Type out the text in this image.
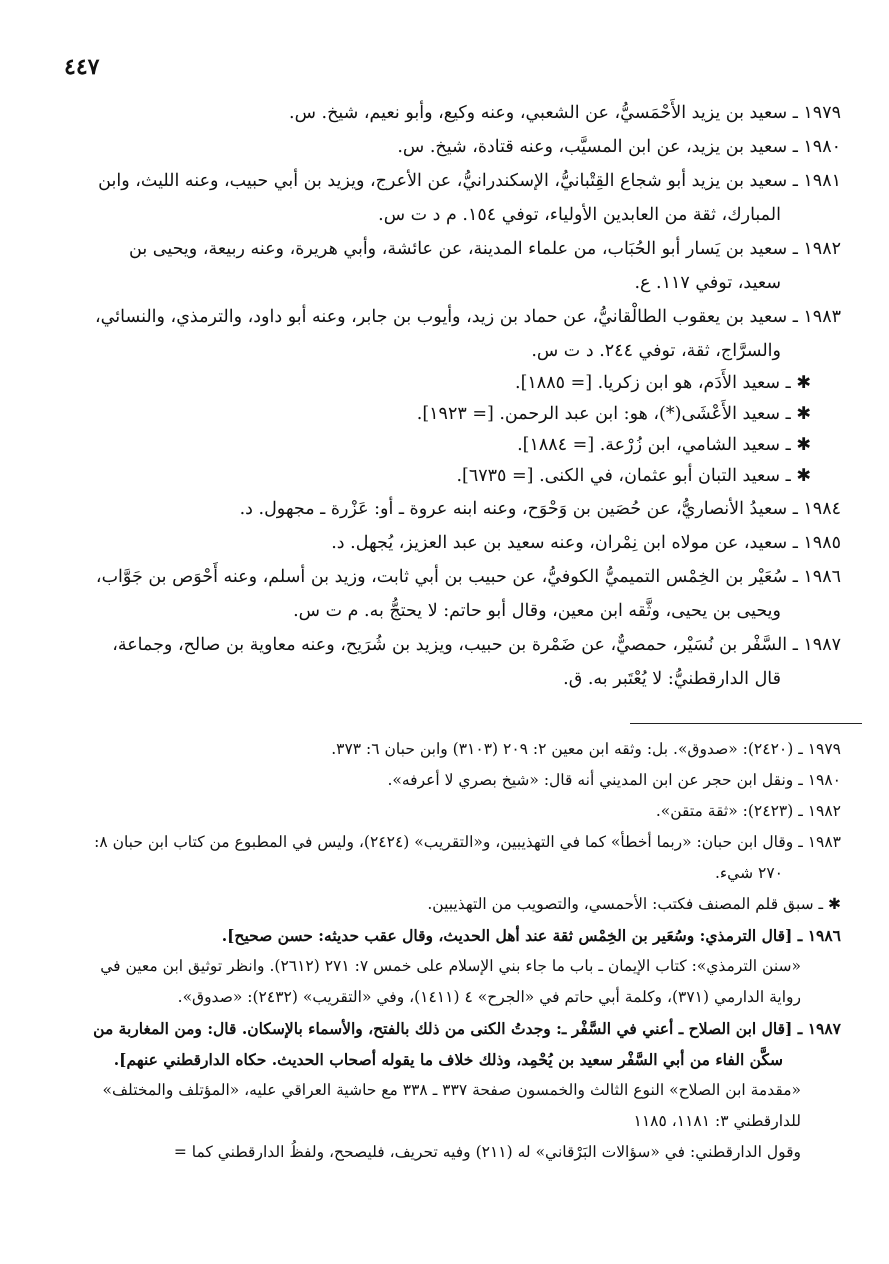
٤٤٧

١٩٧٩ ـ سعيد بن يزيد الأَحْمَسيُّ، عن الشعبي، وعنه وكيع، وأبو نعيم، شيخ. س.

١٩٨٠ ـ سعيد بن يزيد، عن ابن المسيَّب، وعنه قتادة، شيخ. س.

١٩٨١ ـ سعيد بن يزيد أبو شجاع القِتْبانيُّ، الإسكندرانيُّ، عن الأعرج، ويزيد بن أبي حبيب، وعنه الليث، وابن المبارك، ثقة من العابدين الأولياء، توفي ١٥٤. م د ت س.

١٩٨٢ ـ سعيد بن يَسار أبو الحُبَاب، من علماء المدينة، عن عائشة، وأبي هريرة، وعنه ربيعة، ويحيى بن سعيد، توفي ١١٧. ع.

١٩٨٣ ـ سعيد بن يعقوب الطالْقانيُّ، عن حماد بن زيد، وأيوب بن جابر، وعنه أبو داود، والترمذي، والنسائي، والسرَّاج، ثقة، توفي ٢٤٤. د ت س.

✱ ـ سعيد الأَدَم، هو ابن زكريا. [= ١٨٨٥].

✱ ـ سعيد الأَعْشَى(*)، هو: ابن عبد الرحمن. [= ١٩٢٣].

✱ ـ سعيد الشامي، ابن زُرْعة. [= ١٨٨٤].

✱ ـ سعيد التبان أبو عثمان، في الكنى. [= ٦٧٣٥].

١٩٨٤ ـ سعيدُ الأنصاريُّ، عن حُصَين بن وَحْوَح، وعنه ابنه عروة ـ أو: عَزْرة ـ مجهول. د.

١٩٨٥ ـ سعيد، عن مولاه ابن نِمْران، وعنه سعيد بن عبد العزيز، يُجهل. د.

١٩٨٦ ـ سُعَيْر بن الخِمْس التميميُّ الكوفيُّ، عن حبيب بن أبي ثابت، وزيد بن أسلم، وعنه أَحْوَص بن جَوَّاب، ويحيى بن يحيى، وثَّقه ابن معين، وقال أبو حاتم: لا يحتجُّ به. م ت س.

١٩٨٧ ـ السَّفْر بن نُسَيْر، حمصيٌّ، عن ضَمْرة بن حبيب، ويزيد بن شُرَيح، وعنه معاوية بن صالح، وجماعة، قال الدارقطنيُّ: لا يُعْتَبر به. ق.

١٩٧٩ ـ (٢٤٢٠): «صدوق». بل: وثقه ابن معين ٢: ٢٠٩ (٣١٠٣) وابن حبان ٦: ٣٧٣.

١٩٨٠ ـ ونقل ابن حجر عن ابن المديني أنه قال: «شيخ بصري لا أعرفه».

١٩٨٢ ـ (٢٤٢٣): «ثقة متقن».

١٩٨٣ ـ وقال ابن حبان: «ربما أخطأ» كما في التهذيبين، و«التقريب» (٢٤٢٤)، وليس في المطبوع من كتاب ابن حبان ٨: ٢٧٠ شيء.

✱ ـ سبق قلم المصنف فكتب: الأحمسي، والتصويب من التهذيبين.

١٩٨٦ ـ [قال الترمذي: وسُعَير بن الخِمْس ثقة عند أهل الحديث، وقال عقب حديثه: حسن صحيح].

«سنن الترمذي»: كتاب الإيمان ـ باب ما جاء بني الإسلام على خمس ٧: ٢٧١ (٢٦١٢). وانظر توثيق ابن معين في رواية الدارمي (٣٧١)، وكلمة أبي حاتم في «الجرح» ٤ (١٤١١)، وفي «التقريب» (٢٤٣٢): «صدوق».

١٩٨٧ ـ [قال ابن الصلاح ـ أعني في السَّفْر ـ: وجدتُ الكنى من ذلك بالفتح، والأسماء بالإسكان. قال: ومن المغاربة من سكَّن الفاء من أبي السَّفْر سعيد بن يُحْمِد، وذلك خلاف ما يقوله أصحاب الحديث. حكاه الدارقطني عنهم].

«مقدمة ابن الصلاح» النوع الثالث والخمسون صفحة ٣٣٧ ـ ٣٣٨ مع حاشية العراقي عليه، «المؤتلف والمختلف» للدارقطني ٣: ١١٨١، ١١٨٥

وقول الدارقطني: في «سؤالات البَرْقاني» له (٢١١) وفيه تحريف، فليصحح، ولفظُ الدارقطني كما =
